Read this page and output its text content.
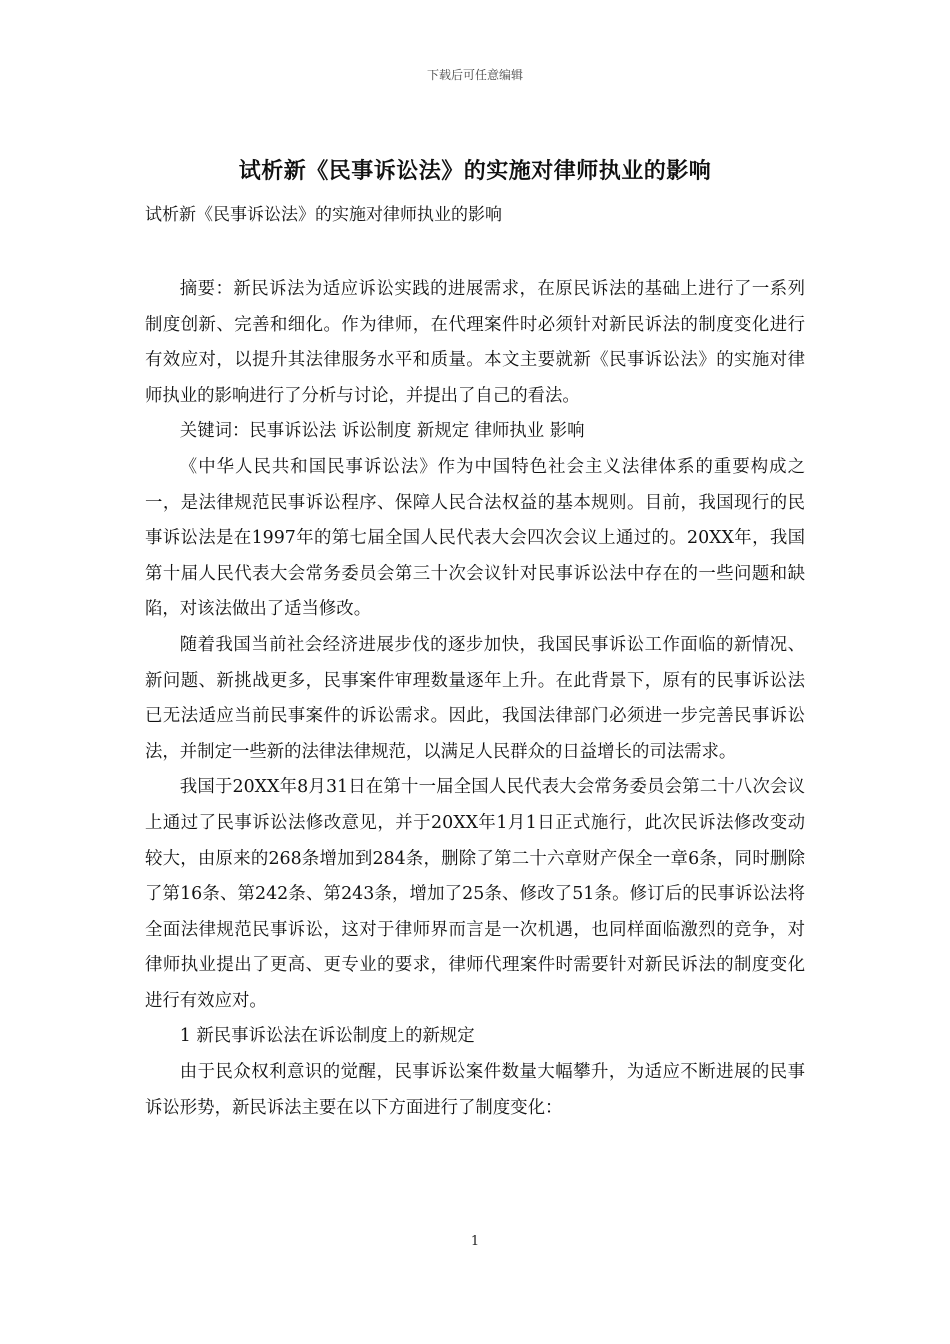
下载后可任意编辑
试析新《民事诉讼法》的实施对律师执业的影响
试析新《民事诉讼法》的实施对律师执业的影响

摘要：新民诉法为适应诉讼实践的进展需求，在原民诉法的基础上进行了一系列制度创新、完善和细化。作为律师，在代理案件时必须针对新民诉法的制度变化进行有效应对，以提升其法律服务水平和质量。本文主要就新《民事诉讼法》的实施对律师执业的影响进行了分析与讨论，并提出了自己的看法。

关键词：民事诉讼法 诉讼制度 新规定 律师执业 影响

《中华人民共和国民事诉讼法》作为中国特色社会主义法律体系的重要构成之一，是法律规范民事诉讼程序、保障人民合法权益的基本规则。目前，我国现行的民事诉讼法是在1997年的第七届全国人民代表大会四次会议上通过的。20XX年，我国第十届人民代表大会常务委员会第三十次会议针对民事诉讼法中存在的一些问题和缺陷，对该法做出了适当修改。

随着我国当前社会经济进展步伐的逐步加快，我国民事诉讼工作面临的新情况、新问题、新挑战更多，民事案件审理数量逐年上升。在此背景下，原有的民事诉讼法已无法适应当前民事案件的诉讼需求。因此，我国法律部门必须进一步完善民事诉讼法，并制定一些新的法律法律规范，以满足人民群众的日益增长的司法需求。

我国于20XX年8月31日在第十一届全国人民代表大会常务委员会第二十八次会议上通过了民事诉讼法修改意见，并于20XX年1月1日正式施行，此次民诉法修改变动较大，由原来的268条增加到284条，删除了第二十六章财产保全一章6条，同时删除了第16条、第242条、第243条，增加了25条、修改了51条。修订后的民事诉讼法将全面法律规范民事诉讼，这对于律师界而言是一次机遇，也同样面临激烈的竞争，对律师执业提出了更高、更专业的要求，律师代理案件时需要针对新民诉法的制度变化进行有效应对。

1 新民事诉讼法在诉讼制度上的新规定

由于民众权利意识的觉醒，民事诉讼案件数量大幅攀升，为适应不断进展的民事诉讼形势，新民诉法主要在以下方面进行了制度变化：

1
